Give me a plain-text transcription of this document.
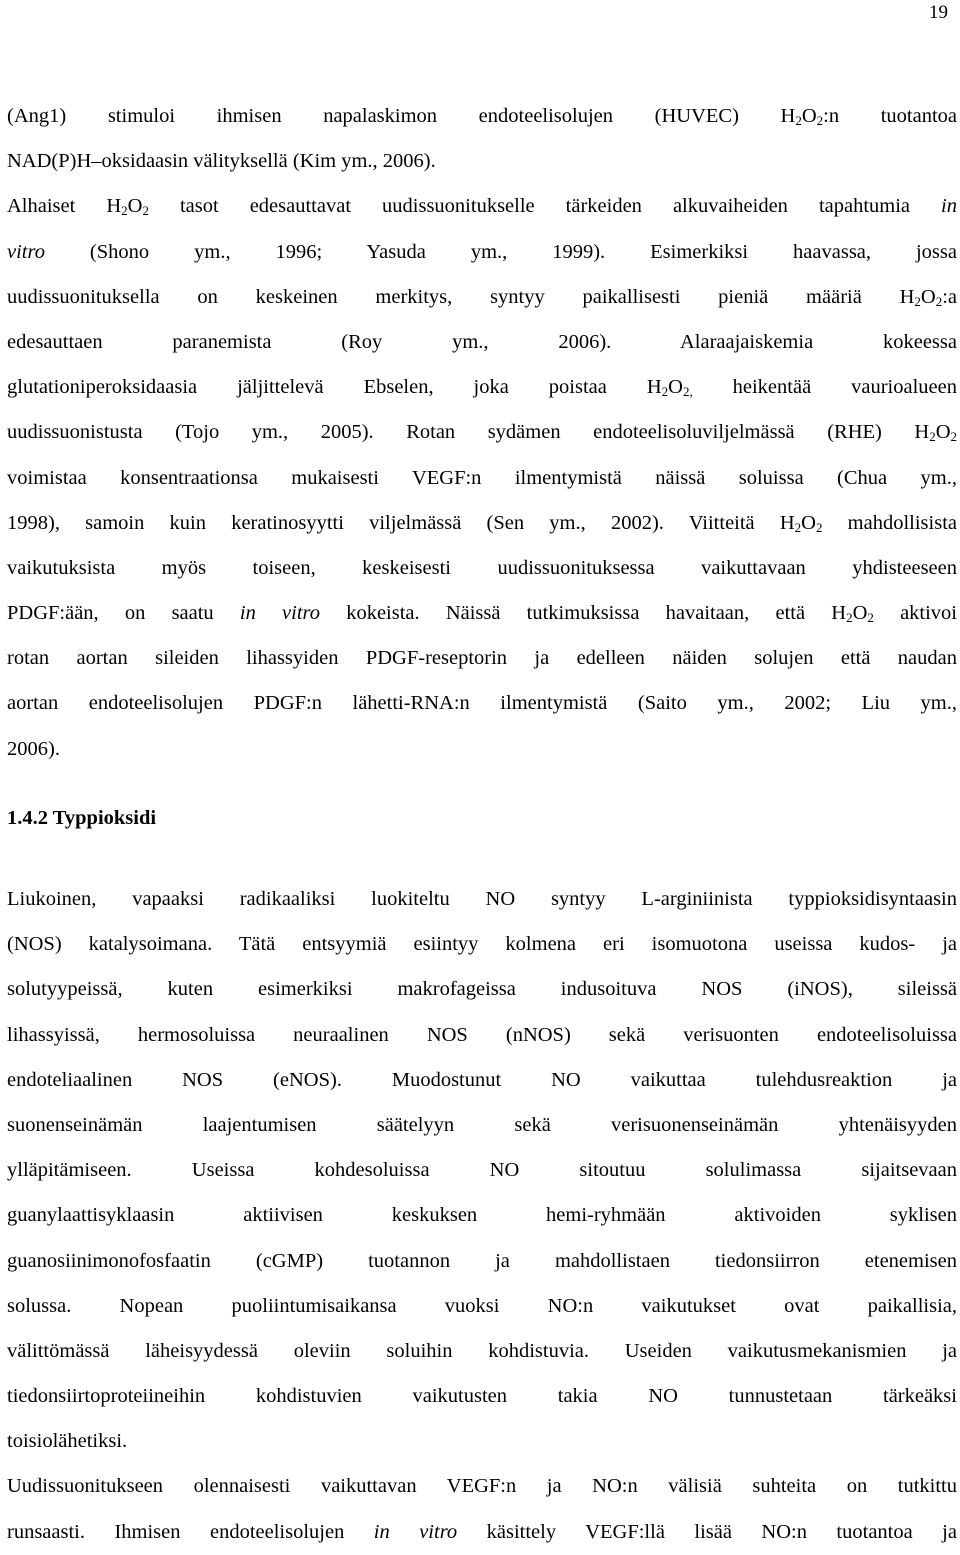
19
(Ang1) stimuloi ihmisen napalaskimon endoteelisolujen (HUVEC) $H_2O_2:n$ tuotantoa
NAD(P)H–oksidaasin välityksellä (Kim ym., 2006).
Alhaiset $H_2O_2$ tasot edesauttavat uudissuonitukselle tärkeiden alkuvaiheiden tapahtumia in
vitro (Shono ym., 1996; Yasuda ym., 1999). Esimerkiksi haavassa, jossa
uudissuonituksella on keskeinen merkitys, syntyy paikallisesti pieniä määriä $H_2O_2:a$
edesauttaen paranemista (Roy ym., 2006). Alaraajaiskemia kokeessa
glutationiperoksidaasia jäljittelevä Ebselen, joka poistaa $H_2O_{2,}$ heikentää vaurioalueen
uudissuonistusta (Tojo ym., 2005). Rotan sydämen endoteelisoluviljelmässä (RHE) $H_2O_2$
voimistaa konsentraationsa mukaisesti VEGF:n ilmentymistä näissä soluissa (Chua ym.,
1998), samoin kuin keratinosyytti viljelmässä (Sen ym., 2002). Viitteitä $H_2O_2$ mahdollisista
vaikutuksista myös toiseen, keskeisesti uudissuonituksessa vaikuttavaan yhdisteeseen
PDGF:ään, on saatu in vitro kokeista. Näissä tutkimuksissa havaitaan, että $H_2O_2$ aktivoi
rotan aortan sileiden lihassyiden PDGF-reseptorin ja edelleen näiden solujen että naudan
aortan endoteelisolujen PDGF:n lähetti-RNA:n ilmentymistä (Saito ym., 2002; Liu ym.,
2006).
1.4.2 Typpioksidi
Liukoinen, vapaaksi radikaaliksi luokiteltu NO syntyy L-arginiinista typpioksidisyntaasin
(NOS) katalysoimana. Tätä entsyymiä esiintyy kolmena eri isomuotona useissa kudos- ja
solutyypeissä, kuten esimerkiksi makrofageissa indusoituva NOS (iNOS), sileissä
lihassyissä, hermosoluissa neuraalinen NOS (nNOS) sekä verisuonten endoteelisoluissa
endoteliaalinen NOS (eNOS). Muodostunut NO vaikuttaa tulehdusreaktion ja
suonenseinämän laajentumisen säätelyyn sekä verisuonenseinämän yhtenäisyyden
ylläpitämiseen. Useissa kohdesoluissa NO sitoutuu solulimassa sijaitsevaan
guanylaattisyklaasin aktiivisen keskuksen hemi-ryhmään aktivoiden syklisen
guanosiinimonofosfaatin (cGMP) tuotannon ja mahdollistaen tiedonsiirron etenemisen
solussa. Nopean puoliintumisaikansa vuoksi NO:n vaikutukset ovat paikallisia,
välittömässä läheisyydessä oleviin soluihin kohdistuvia. Useiden vaikutusmekanismien ja
tiedonsiirtoproteiineihin kohdistuvien vaikutusten takia NO tunnustetaan tärkeäksi
toisiolähetiksi.
Uudissuonitukseen olennaisesti vaikuttavan VEGF:n ja NO:n välisiä suhteita on tutkittu
runsaasti. Ihmisen endoteelisolujen in vitro käsittely VEGF:llä lisää NO:n tuotantoa ja
